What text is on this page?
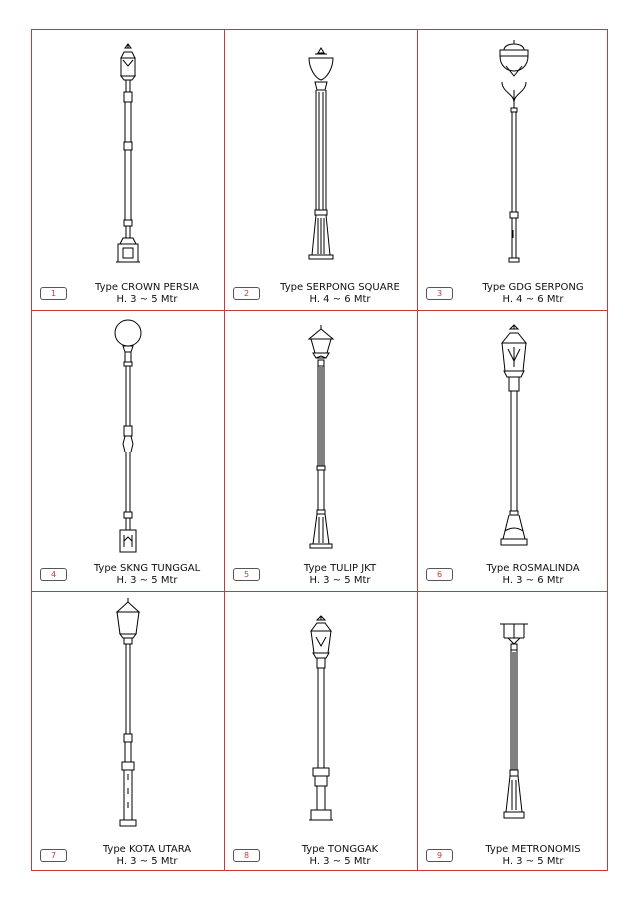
1
Type CROWN PERSIA
H. 3 ~ 5 Mtr
2
Type SERPONG SQUARE
H. 4 ~ 6 Mtr
3
Type GDG SERPONG
H. 4 ~ 6 Mtr
4
Type SKNG TUNGGAL
H. 3 ~ 5 Mtr
5
Type TULIP JKT
H. 3 ~ 5 Mtr
6
Type ROSMALINDA
H. 3 ~ 6 Mtr
7
Type KOTA UTARA
H. 3 ~ 5 Mtr
8
Type TONGGAK
H. 3 ~ 5 Mtr
9
Type METRONOMIS
H. 3 ~ 5 Mtr
